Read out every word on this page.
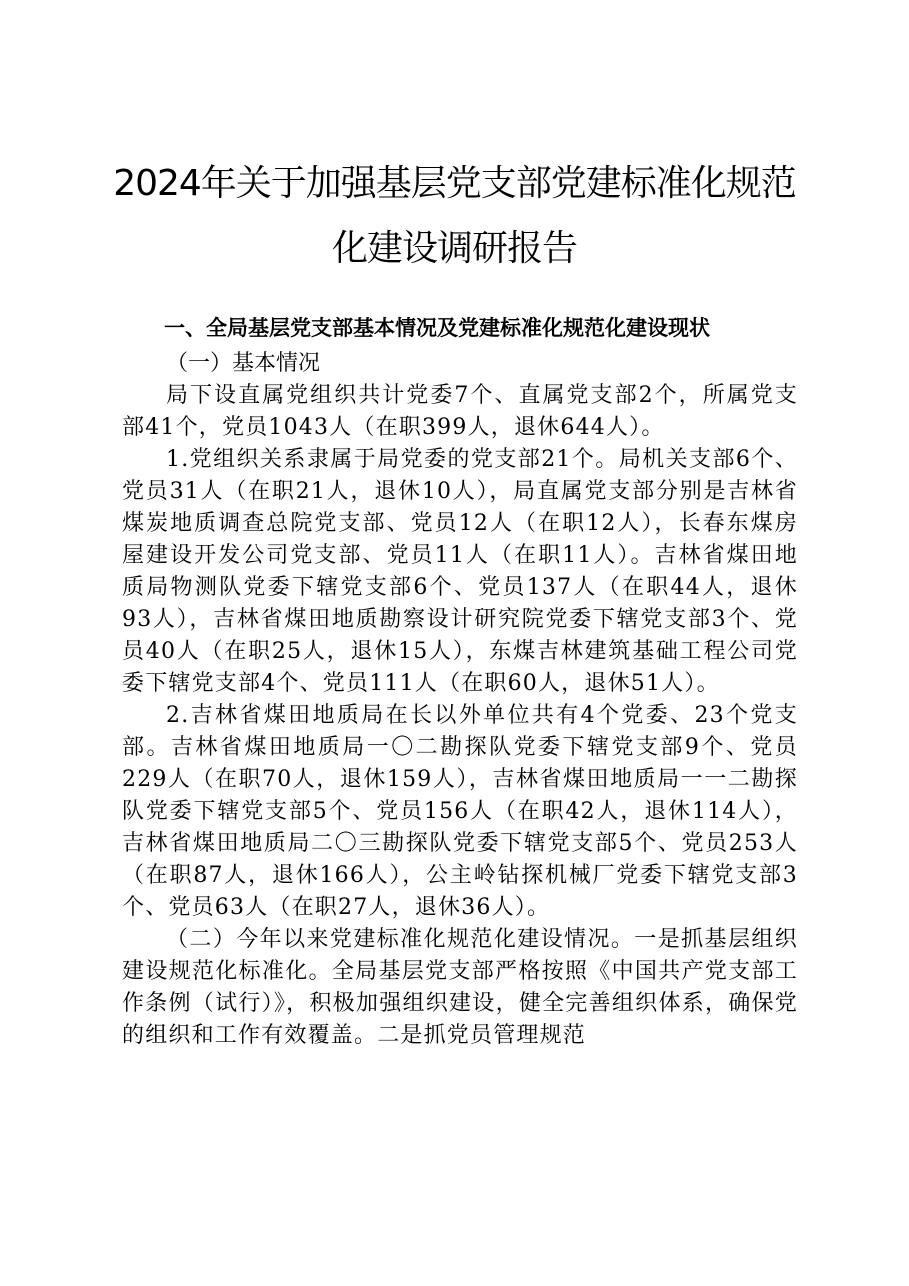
2024年关于加强基层党支部党建标准化规范
化建设调研报告

一、全局基层党支部基本情况及党建标准化规范化建设现状

（一）基本情况

局下设直属党组织共计党委7个、直属党支部2个，所属党支部41个，党员1043人（在职399人，退休644人）。

1.党组织关系隶属于局党委的党支部21个。局机关支部6个、党员31人（在职21人，退休10人），局直属党支部分别是吉林省煤炭地质调查总院党支部、党员12人（在职12人），长春东煤房屋建设开发公司党支部、党员11人（在职11人）。吉林省煤田地质局物测队党委下辖党支部6个、党员137人（在职44人，退休93人），吉林省煤田地质勘察设计研究院党委下辖党支部3个、党员40人（在职25人，退休15人），东煤吉林建筑基础工程公司党委下辖党支部4个、党员111人（在职60人，退休51人）。

2.吉林省煤田地质局在长以外单位共有4个党委、23个党支部。吉林省煤田地质局一〇二勘探队党委下辖党支部9个、党员229人（在职70人，退休159人），吉林省煤田地质局一一二勘探队党委下辖党支部5个、党员156人（在职42人，退休114人），吉林省煤田地质局二〇三勘探队党委下辖党支部5个、党员253人（在职87人，退休166人），公主岭钻探机械厂党委下辖党支部3个、党员63人（在职27人，退休36人）。

（二）今年以来党建标准化规范化建设情况。一是抓基层组织建设规范化标准化。全局基层党支部严格按照《中国共产党支部工作条例（试行）》，积极加强组织建设，健全完善组织体系，确保党的组织和工作有效覆盖。二是抓党员管理规范
